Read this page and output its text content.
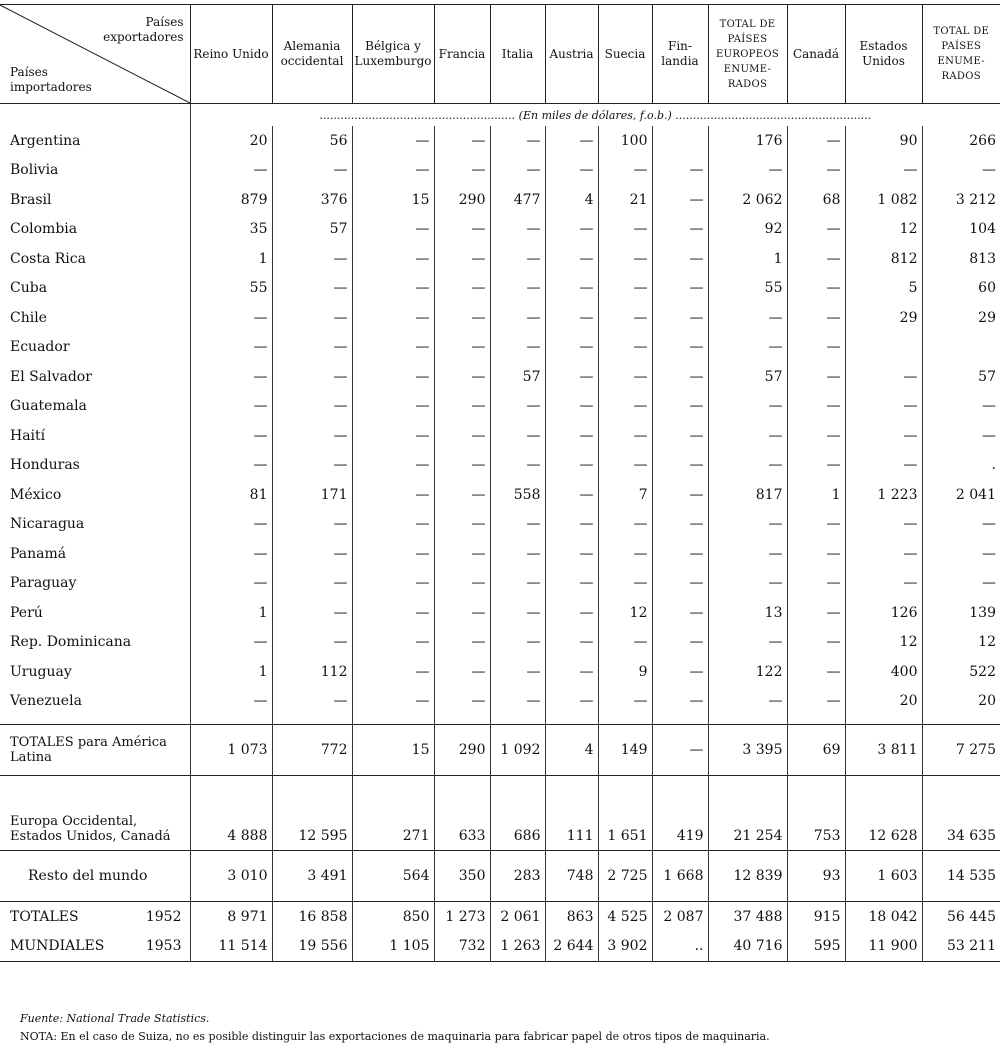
Países exportadores
Países importadores	Reino Unido	Alemania occidental	Bélgica y Luxemburgo	Francia	Italia	Austria	Suecia	Fin-landia	TOTAL DE PAÍSES EUROPEOS ENUME-RADOS	Canadá	Estados Unidos	TOTAL DE PAÍSES ENUME-RADOS
	........................................................ (En miles de dólares, f.o.b.) ........................................................											
Argentina	20	56	—	—	—	—	100		176	—	90	266
Bolivia	—	—	—	—	—	—	—	—	—	—	—	—
Brasil	879	376	15	290	477	4	21	—	2 062	68	1 082	3 212
Colombia	35	57	—	—	—	—	—	—	92	—	12	104
Costa Rica	1	—	—	—	—	—	—	—	1	—	812	813
Cuba	55	—	—	—	—	—	—	—	55	—	5	60
Chile	—	—	—	—	—	—	—	—	—	—	29	29
Ecuador	—	—	—	—	—	—	—	—	—	—		
El Salvador	—	—	—	—	57	—	—	—	57	—	—	57
Guatemala	—	—	—	—	—	—	—	—	—	—	—	—
Haití	—	—	—	—	—	—	—	—	—	—	—	—
Honduras	—	—	—	—	—	—	—	—	—	—	—	.
México	81	171	—	—	558	—	7	—	817	1	1 223	2 041
Nicaragua	—	—	—	—	—	—	—	—	—	—	—	—
Panamá	—	—	—	—	—	—	—	—	—	—	—	—
Paraguay	—	—	—	—	—	—	—	—	—	—	—	—
Perú	1	—	—	—	—	—	12	—	13	—	126	139
Rep. Dominicana	—	—	—	—	—	—	—	—	—	—	12	12
Uruguay	1	112	—	—	—	—	9	—	122	—	400	522
Venezuela	—	—	—	—	—	—	—	—	—	—	20	20

TOTALES para América Latina	1 073	772	15	290	1 092	4	149	—	3 395	69	3 811	7 275

Europa Occidental, Estados Unidos, Canadá	4 888	12 595	271	633	686	111	1 651	419	21 254	753	12 628	34 635
Resto del mundo	3 010	3 491	564	350	283	748	2 725	1 668	12 839	93	1 603	14 535
TOTALES 1952	8 971	16 858	850	1 273	2 061	863	4 525	2 087	37 488	915	18 042	56 445
MUNDIALES 1953	11 514	19 556	1 105	732	1 263	2 644	3 902	..	40 716	595	11 900	53 211
Fuente: National Trade Statistics.
NOTA: En el caso de Suiza, no es posible distinguir las exportaciones de maquinaria para fabricar papel de otros tipos de maquinaria.
